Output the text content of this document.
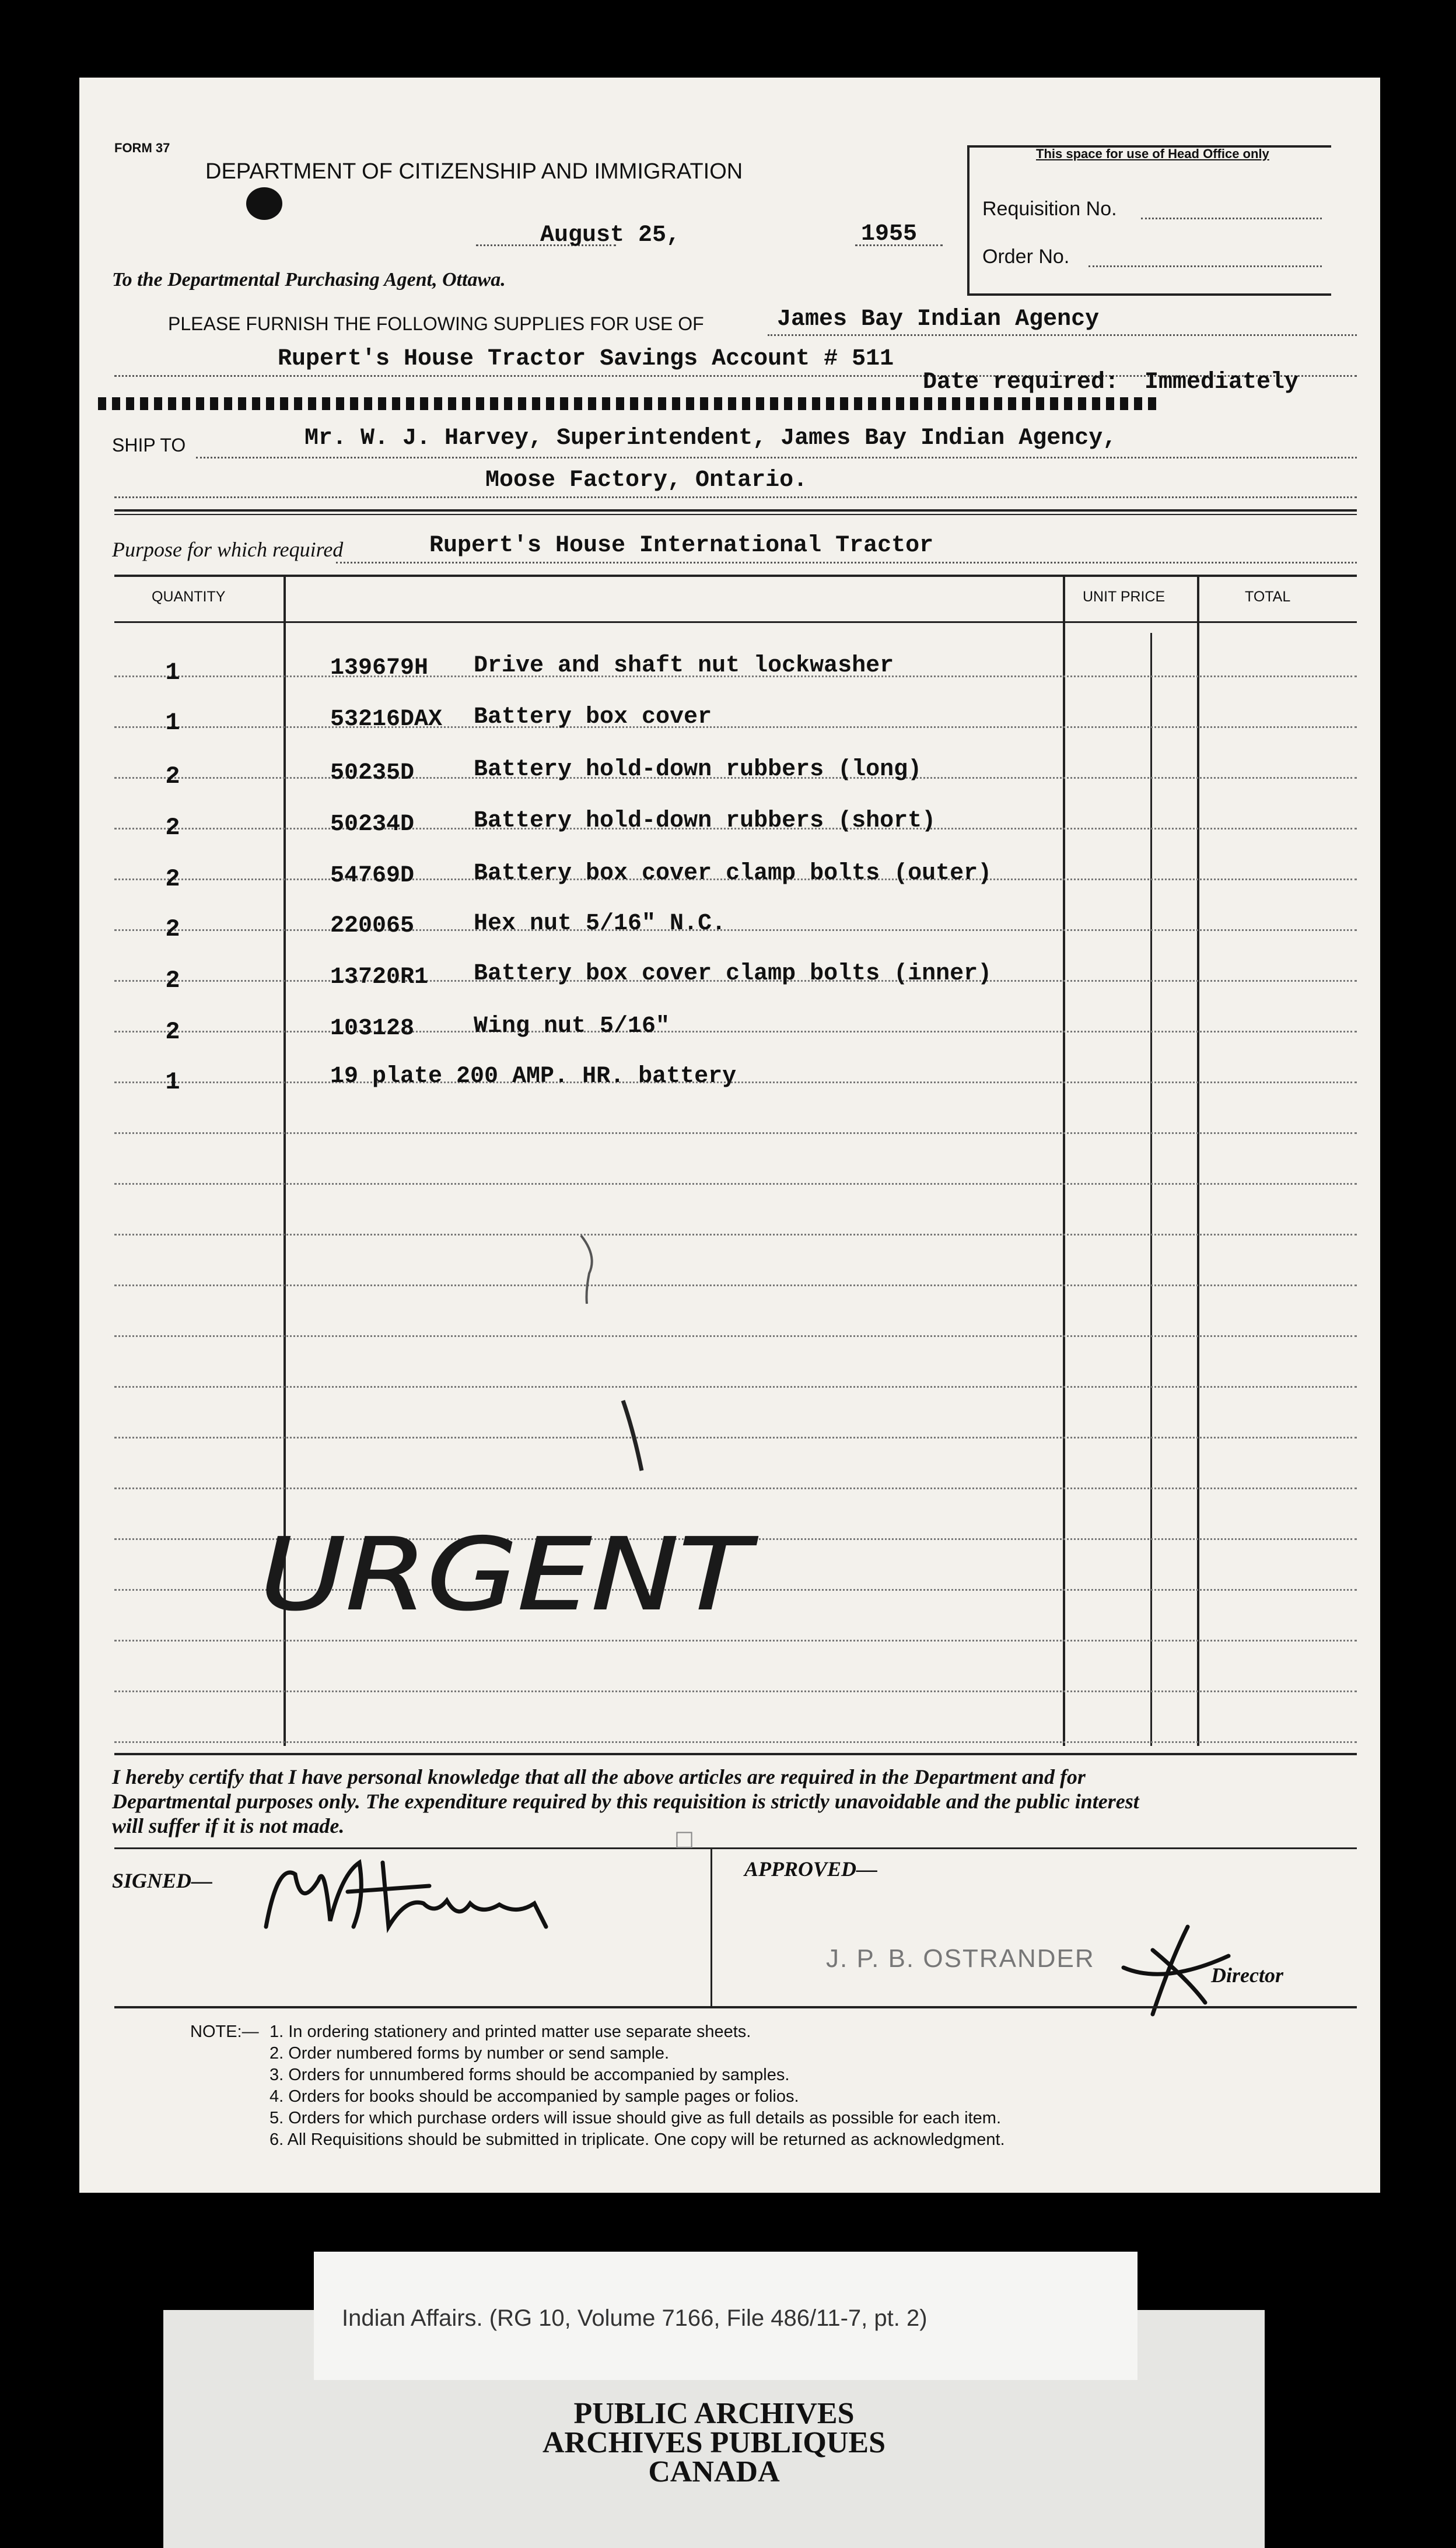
FORM 37
DEPARTMENT OF CITIZENSHIP AND IMMIGRATION
August 25,	1955
This space for use of Head Office only
Requisition No.
Order No.
To the Departmental Purchasing Agent, Ottawa.
PLEASE FURNISH THE FOLLOWING SUPPLIES FOR USE OF	James Bay Indian Agency
Rupert's House Tractor Savings Account # 511
Date required: Immediately
SHIP TO	Mr. W. J. Harvey, Superintendent, James Bay Indian Agency,
Moose Factory, Ontario.
Purpose for which required	Rupert's House International Tractor
QUANTITY	UNIT PRICE	TOTAL
1	139679H Drive and shaft nut lockwasher
1	53216DAX Battery box cover
2	50235D	Battery hold-down rubbers (long)
2	50234D	Battery hold-down rubbers (short)
2	54769D	Battery box cover clamp bolts (outer)
2	220065	Hex nut 5/16" N.C.
2	13720R1 Battery box cover clamp bolts (inner)
2	103128	Wing nut 5/16"
1	19 plate 200 AMP. HR. battery
URGENT
I hereby certify that I have personal knowledge that all the above articles are required in the Department and for
Departmental purposes only. The expenditure required by this requisition is strictly unavoidable and the public interest
will suffer if it is not made.
SIGNED—
☐
APPROVED—
J. P. B. OSTRANDER
Director
NOTE:— 1. In ordering stationery and printed matter use separate sheets.
2. Order numbered forms by number or send sample.
3. Orders for unnumbered forms should be accompanied by samples.
4. Orders for books should be accompanied by sample pages or folios.
5. Orders for which purchase orders will issue should give as full details as possible for each item.
6. All Requisitions should be submitted in triplicate. One copy will be returned as acknowledgment.
PUBLIC ARCHIVES
ARCHIVES PUBLIQUES
CANADA
Indian Affairs. (RG 10, Volume 7166, File 486/11-7, pt. 2)
